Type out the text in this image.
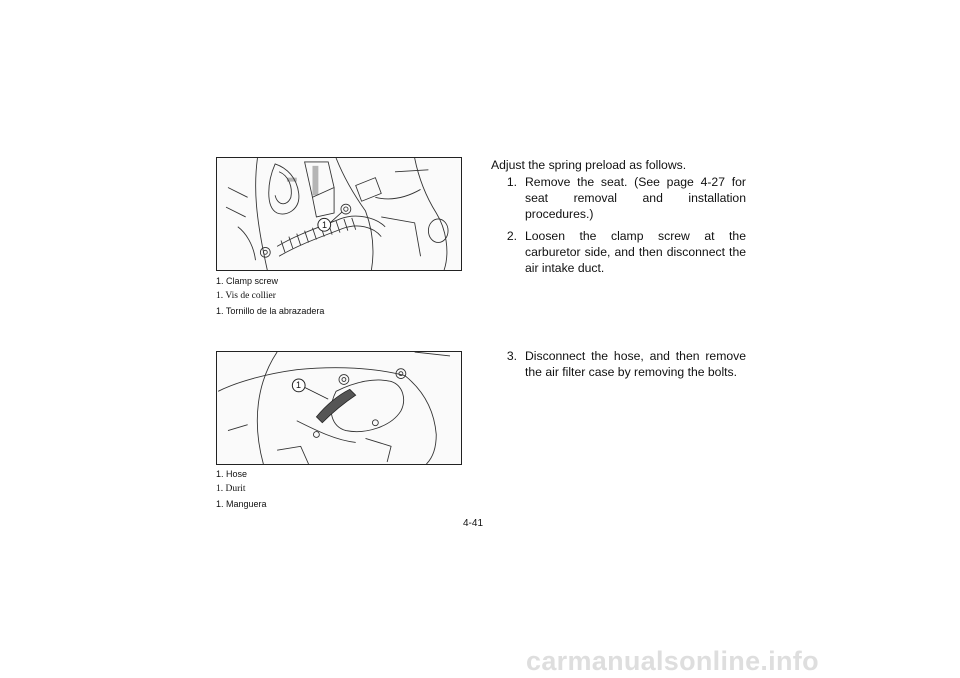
1
1. Clamp screw
1. Vis de collier
1. Tornillo de la abrazadera
1
1. Hose
1. Durit
1. Manguera
Adjust the spring preload as follows.
1. Remove the seat. (See page 4-27 for seat removal and installation procedures.)
2. Loosen the clamp screw at the carburetor side, and then disconnect the air intake duct.
3. Disconnect the hose, and then remove the air filter case by removing the bolts.
4-41
carmanualsonline.info
